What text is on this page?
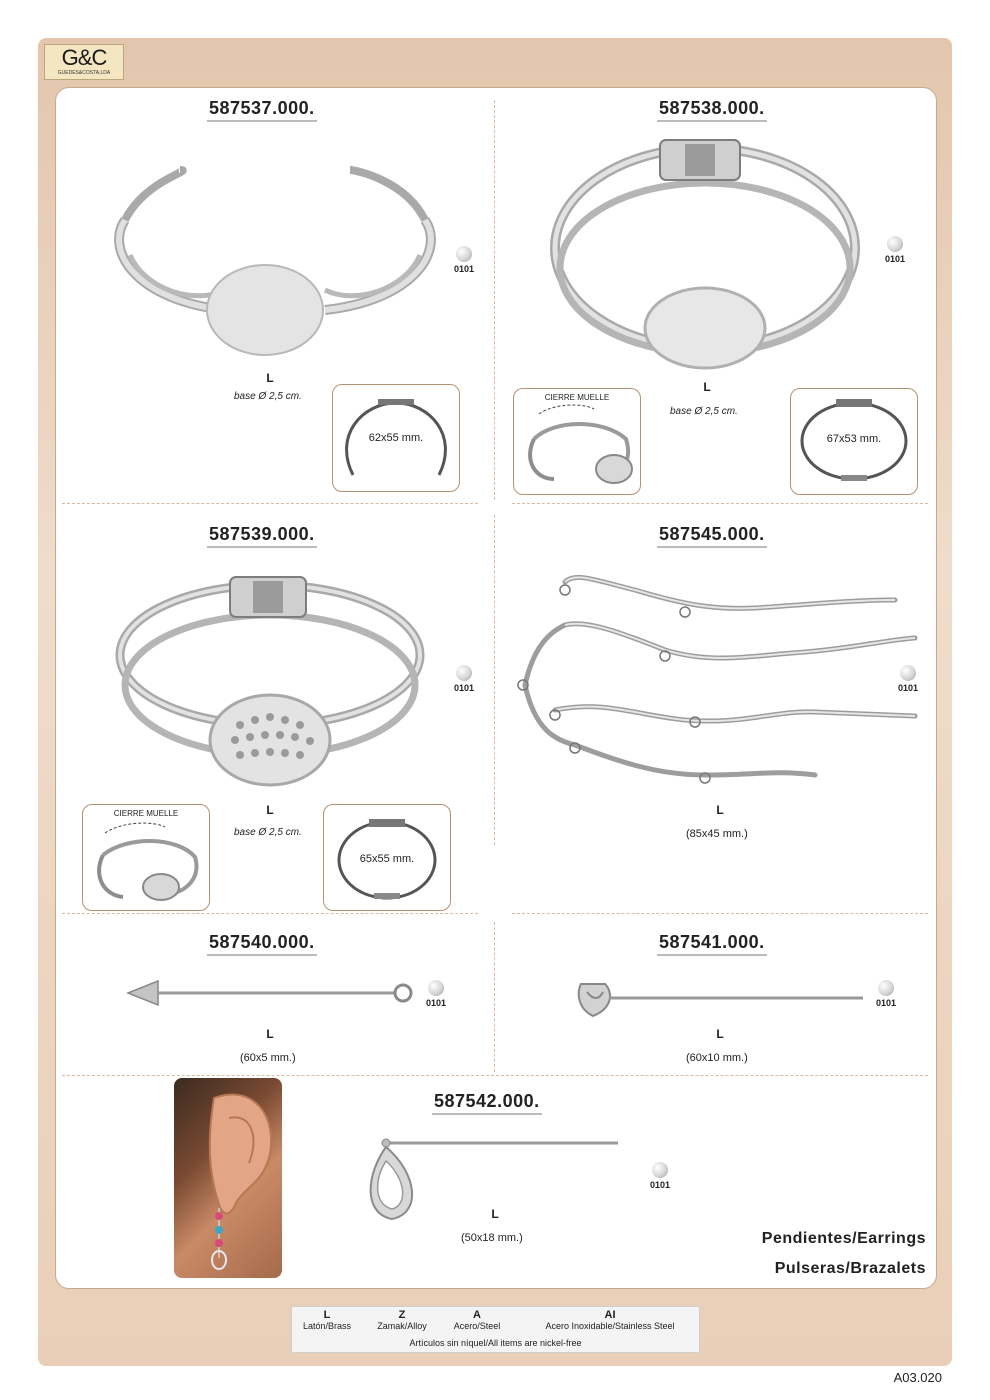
G&C
GUEDES&COSTA,LDA
587537.000.
L
base Ø 2,5 cm.
0101
62x55 mm.
587538.000.
L
base Ø 2,5 cm.
0101
CIERRE MUELLE
67x53 mm.
587539.000.
L
base Ø 2,5 cm.
0101
CIERRE MUELLE
65x55 mm.
587545.000.
L
(85x45 mm.)
0101
587540.000.
L
(60x5 mm.)
0101
587541.000.
L
(60x10 mm.)
0101
587542.000.
L
(50x18 mm.)
0101
Pendientes/Earrings
Pulseras/Brazalets
L
Latón/Brass
Z
Zamak/Alloy
A
Acero/Steel
AI
Acero Inoxidable/Stainless Steel
Artículos sin níquel/All items are nickel-free
A03.020
